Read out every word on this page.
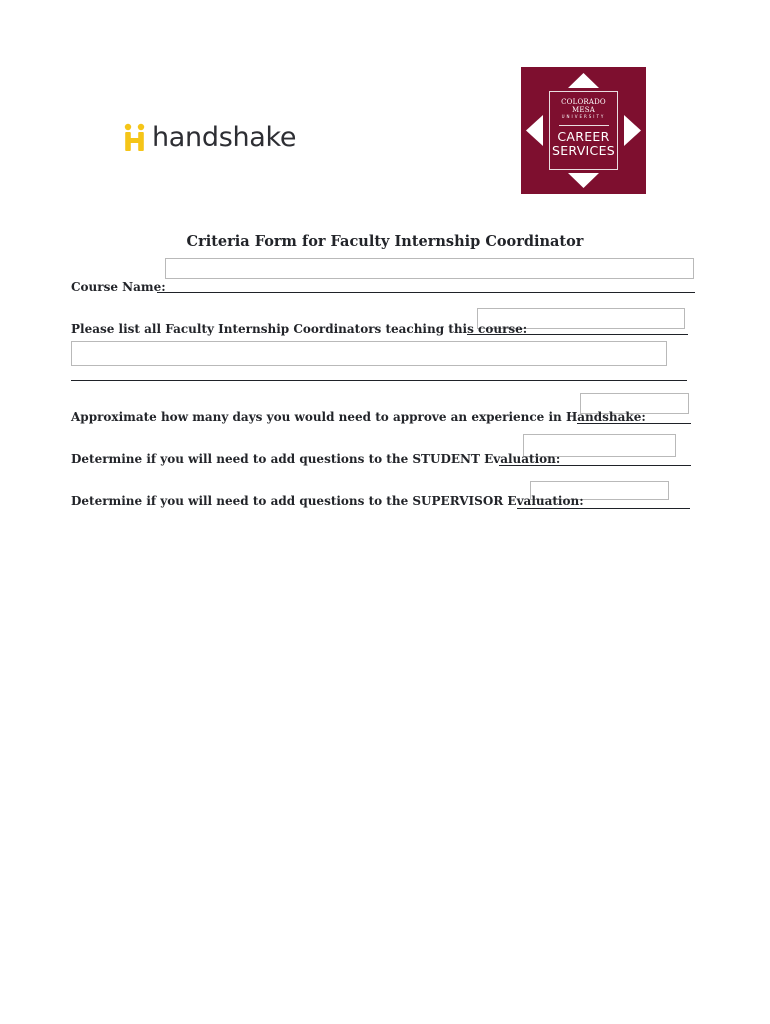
handshake
COLORADO MESA
UNIVERSITY
CAREER
SERVICES
Criteria Form for Faculty Internship Coordinator
Course Name:
Please list all Faculty Internship Coordinators teaching this course:
Approximate how many days you would need to approve an experience in Handshake:
Determine if you will need to add questions to the STUDENT Evaluation:
Determine if you will need to add questions to the SUPERVISOR Evaluation:
